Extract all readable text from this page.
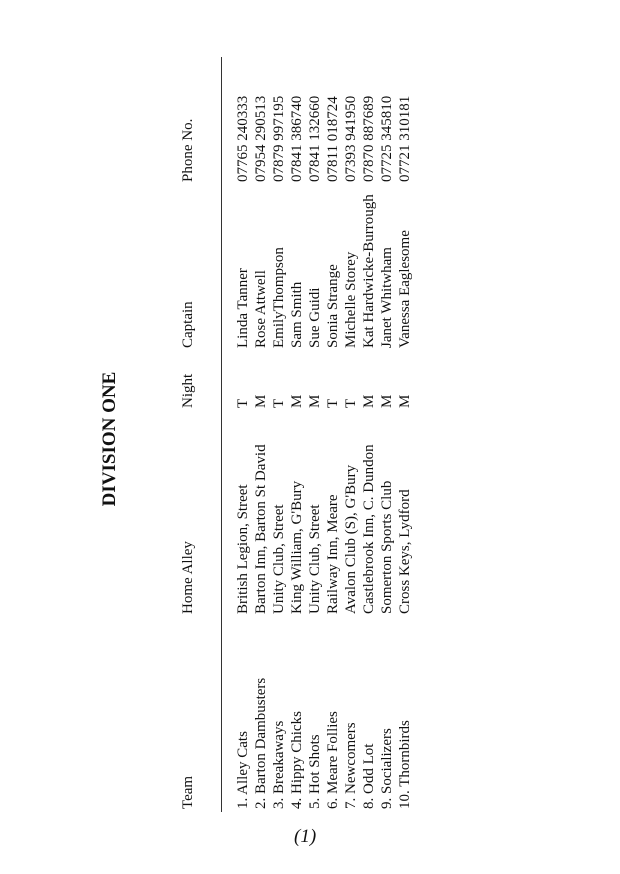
DIVISION ONE
Team
Home Alley
Night
Captain
Phone No.
1. Alley Cats
British Legion, Street
T
Linda Tanner
07765 240333
2. Barton Dambusters
Barton Inn, Barton St David
M
Rose Attwell
07954 290513
3. Breakaways
Unity Club, Street
T
EmilyThompson
07879 997195
4. Hippy Chicks
King William, G'Bury
M
Sam Smith
07841 386740
5. Hot Shots
Unity Club, Street
M
Sue Guidi
07841 132660
6. Meare Follies
Railway Inn, Meare
T
Sonia Strange
07811 018724
7. Newcomers
Avalon Club (S), G'Bury
T
Michelle Storey
07393 941950
8. Odd Lot
Castlebrook Inn, C. Dundon
M
Kat Hardwicke-Burrough
07870 887689
9. Socializers
Somerton Sports Club
M
Janet Whitwham
07725 345810
10. Thornbirds
Cross Keys, Lydford
M
Vanessa Eaglesome
07721 310181
(1)
